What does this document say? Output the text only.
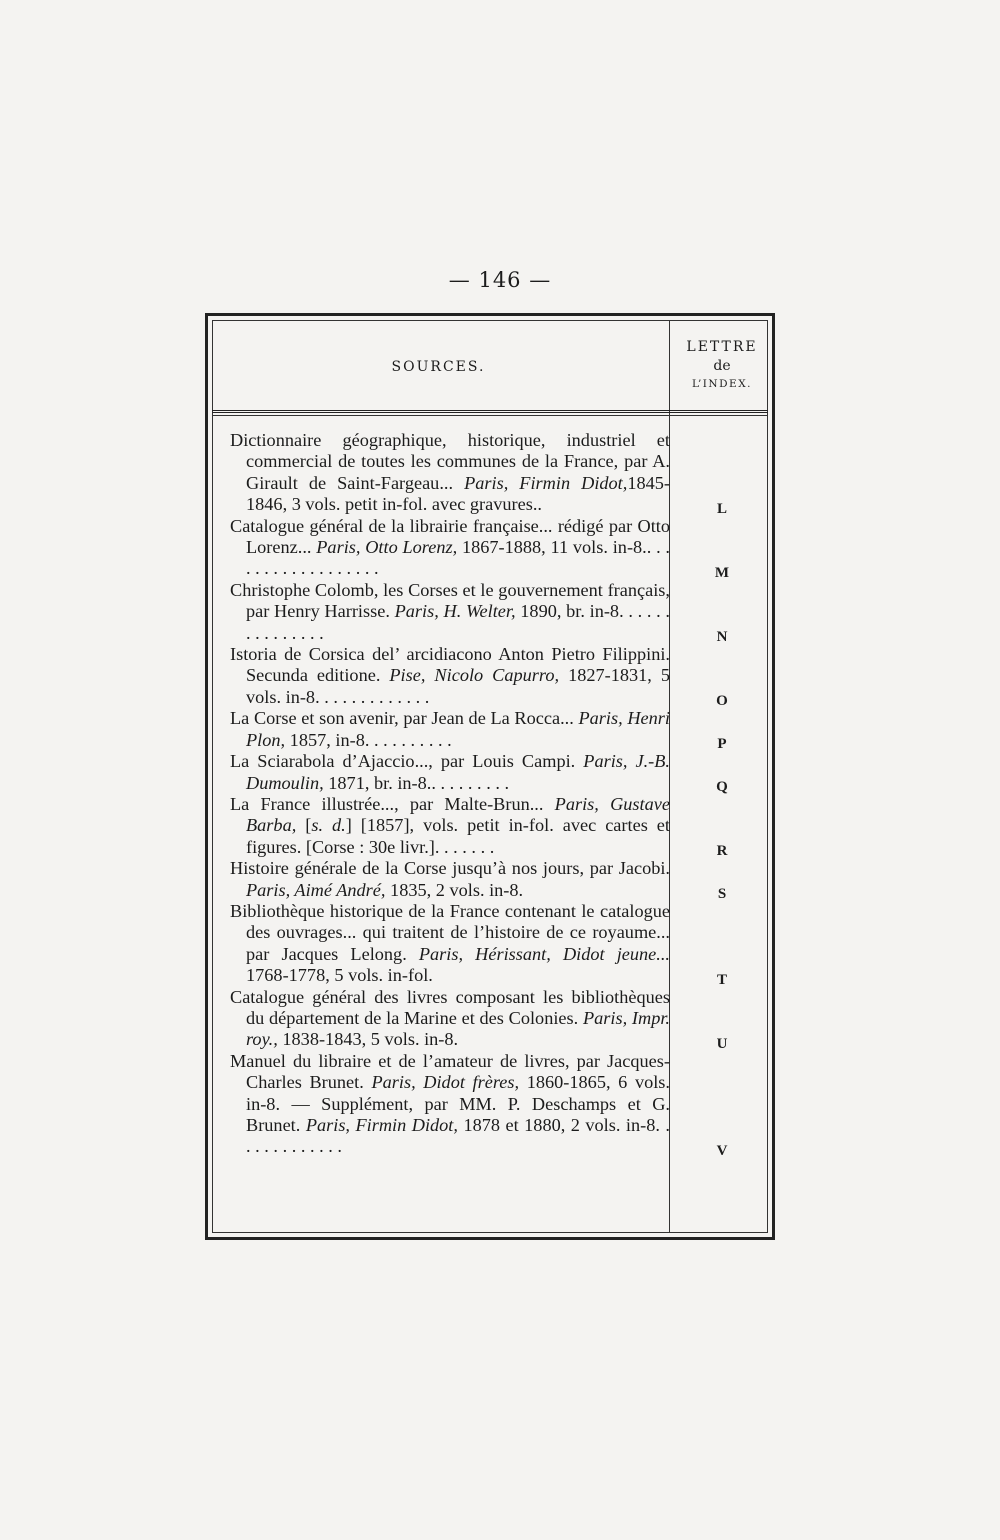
— 146 —
SOURCES.
LETTRE
de
L’INDEX.
Dictionnaire géographique, historique, industriel et commercial de toutes les communes de la France, par A. Girault de Saint-Fargeau... Paris, Firmin Didot,1845-1846, 3 vols. petit in-fol. avec gravures..
Catalogue général de la librairie française... rédigé par Otto Lorenz... Paris, Otto Lorenz, 1867-1888, 11 vols. in-8.. . . . . . . . . . . . . . . . . .
Christophe Colomb, les Corses et le gouvernement français, par Henry Harrisse. Paris, H. Welter, 1890, br. in-8. . . . . . . . . . . . . . .
Istoria de Corsica del’ arcidiacono Anton Pietro Filippini. Secunda editione. Pise, Nicolo Capurro, 1827-1831, 5 vols. in-8. . . . . . . . . . . . .
La Corse et son avenir, par Jean de La Rocca... Paris, Henri Plon, 1857, in-8. . . . . . . . . .
La Sciarabola d’Ajaccio..., par Louis Campi. Paris, J.-B. Dumoulin, 1871, br. in-8.. . . . . . . . .
La France illustrée..., par Malte-Brun... Paris, Gustave Barba, [s. d.] [1857], vols. petit in-fol. avec cartes et figures. [Corse : 30e livr.]. . . . . . .
Histoire générale de la Corse jusqu’à nos jours, par Jacobi. Paris, Aimé André, 1835, 2 vols. in-8.
Bibliothèque historique de la France contenant le catalogue des ouvrages... qui traitent de l’histoire de ce royaume... par Jacques Lelong. Paris, Hérissant, Didot jeune... 1768-1778, 5 vols. in-fol.
Catalogue général des livres composant les bibliothèques du département de la Marine et des Colonies. Paris, Impr. roy., 1838-1843, 5 vols. in-8.
Manuel du libraire et de l’amateur de livres, par Jacques-Charles Brunet. Paris, Didot frères, 1860-1865, 6 vols. in-8. — Supplément, par MM. P. Deschamps et G. Brunet. Paris, Firmin Didot, 1878 et 1880, 2 vols. in-8. . . . . . . . . . . . .
L
M
N
O
P
Q
R
S
T
U
V
